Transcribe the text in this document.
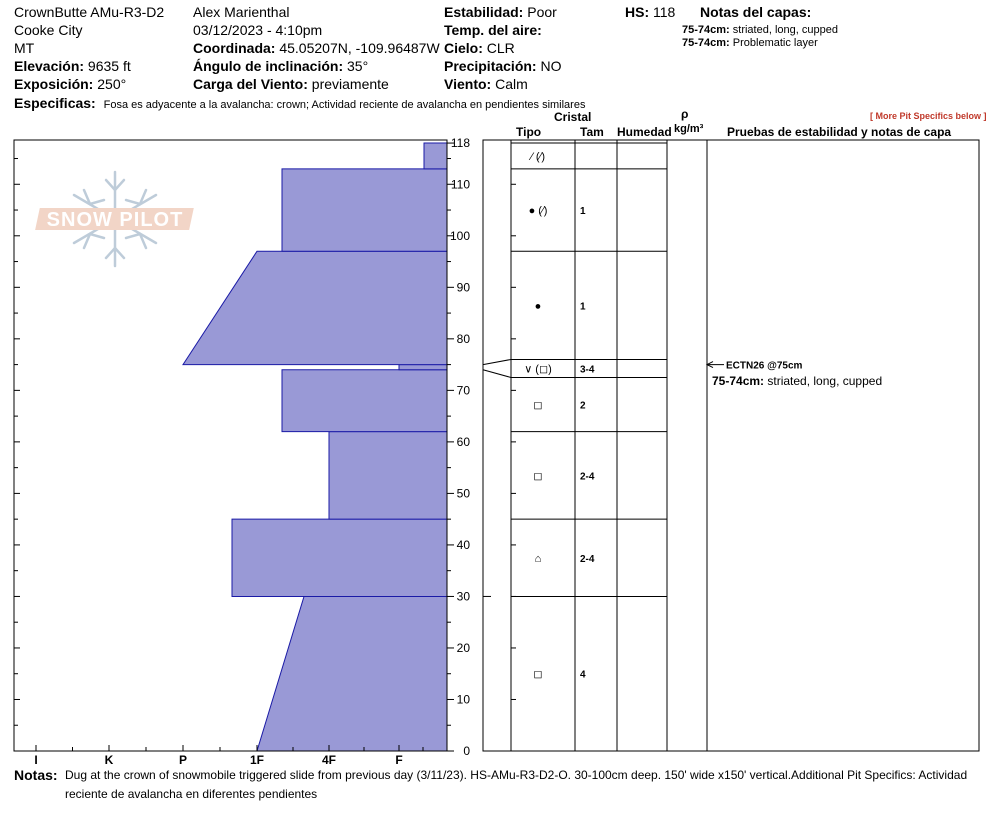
CrownButte AMu-R3-D2
Cooke City
MT
Elevación: 9635 ft
Exposición: 250°
Alex Marienthal
03/12/2023 - 4:10pm
Coordinada: 45.05207N, -109.96487W
Ángulo de inclinación: 35°
Carga del Viento: previamente
Estabilidad: Poor
Temp. del aire:
Cielo: CLR
Precipitación: NO
Viento: Calm
HS: 118 Notas del capas:
75-74cm: striated, long, cupped
75-74cm: Problematic layer
Especificas: Fosa es adyacente a la avalancha: crown; Actividad reciente de avalancha en pendientes similares
Cristal
Tipo	Tam Humedad
ρ
kg/m³ Pruebas de estabilidad y notas de capa
[ More Pit Specifics below ]
SNOW PILOT
0
10
20
30
40
50
60
70
80
90
100
110
118
I	K	P	1F	4F	F
⁄ (⁄)
● (⁄)	1
●	1
∨ (◻)	3-4
◻	2
◻	2-4
⌂	2-4
◻	4
ECTN26 @75cm
75-74cm: striated, long, cupped
Notas: Dug at the crown of snowmobile triggered slide from previous day (3/11/23). HS-AMu-R3-D2-O. 30-100cm deep. 150' wide x150' vertical.Additional Pit Specifics: Actividad reciente de avalancha en diferentes pendientes
